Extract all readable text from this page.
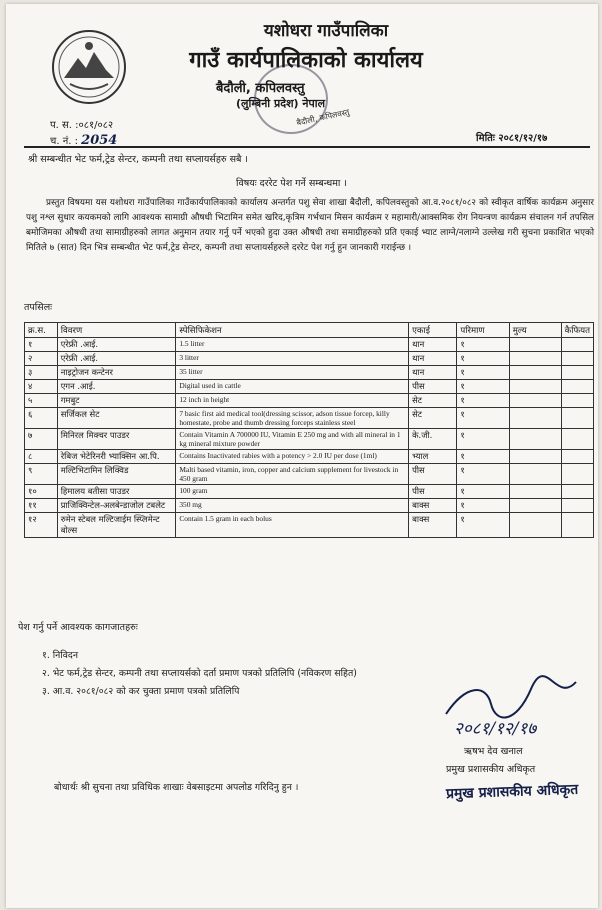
यशोधरा गाउँपालिका
गाउँ कार्यपालिकाको कार्यालय
बैदौली, कपिलवस्तु
(लुम्बिनी प्रदेश) नेपाल
बैदौली, कपिलवस्तु
प. स. :०८१/०८२
च. नं. : 2054	मितिः २०८१/१२/१७
श्री सम्बन्धीत भेट फर्म,ट्रेड सेन्टर, कम्पनी तथा सप्लायर्सहरु सबै ।
विषयः दररेट पेश गर्ने सम्बन्धमा ।
प्रस्तुत विषयमा यस यशोधरा गाउँपालिका गाउँकार्यपालिकाको कार्यालय अन्तर्गत पशु सेवा शाखा बैदौली, कपिलवस्तुको आ.व.२०८१/०८२ को स्वीकृत वार्षिक कार्यक्रम अनुसार पशु नश्ल सुधार कयकमको लागि आवश्यक सामाग्री औषधी भिटामिन समेत खरिद,कृत्रिम गर्भधान मिसन कार्यक्रम र महामारी/आक्समिक रोग नियन्त्रण कार्यक्रम संचालन गर्न तपसिल बमोजिमका औषधी तथा सामाग्रीहरुको लागत अनुमान तयार गर्नु पर्ने भएको हुदा उक्त औषधी तथा समाग्रीहरुको प्रति एकाई भ्याट लाग्ने/नलाग्ने उल्लेख गरी सुचना प्रकाशित भएको मितिले ७ (सात) दिन भित्र सम्बन्धीत भेट फर्म,ट्रेड सेन्टर, कम्पनी तथा सप्लायर्सहरुले दररेट पेश गर्नु हुन जानकारी गराईन्छ ।
तपसिलः
क्र.स.	विवरण	स्पेसिफिकेशन	एकाई	परिमाण	मुल्य	कैफियत
१	एरेफ्री .आई.	1.5 litter	थान	१		
२	एरेफ्री .आई.	3 litter	थान	१		
३	नाइट्रोजन कन्टेनर	35 litter	थान	१		
४	एगन .आई.	Digital used in cattle	पीस	१		
५	गमबुट	12 inch in height	सेट	१		
६	सर्जिकल सेट	7 basic first aid medical tool(dressing scissor, adson tissue forcep, killy homestate, probe and thumb dressing forceps stainless steel	सेट	१		
७	मिनिरल मिक्चर पाउडर	Contain Vitamin A 700000 IU, Vitamin E 250 mg and with all mineral in 1 kg mineral mixture powder	के.जी.	१		
८	रेबिज भेटेरिनरी भ्याक्सिन आ.पि.	Contains Inactivated rabies with a potency > 2.0 IU per dose (1ml)	भ्याल	१		
९	मल्टिभिटामिन लिक्विड	Malti based vitamin, iron, copper and calcium supplement for livestock in 450 gram	पीस	१		
१०	हिमालय बतीसा पाउडर	100 gram	पीस	१		
११	प्राजिक्विन्टेल-अलबेन्डाजोल टबलेट	350 mg	बाक्स	१		
१२	रुमेन स्टेबल मल्टिजाईम स्प्लिमेन्ट बोल्स	Contain 1.5 gram in each bolus	बाक्स	१		
पेश गर्नु पर्ने आवश्यक कागजातहरुः
१. निविदन
२. भेट फर्म,ट्रेड सेन्टर, कम्पनी तथा सप्लायर्सको दर्ता प्रमाण पत्रको प्रतिलिपि (नविकरण सहित)
३. आ.व. २०८१/०८२ को कर चुक्ता प्रमाण पत्रको प्रतिलिपि
२०८१/१२/१७
ऋषभ देव खनाल
प्रमुख प्रशासकीय अधिकृत
प्रमुख प्रशासकीय अधिकृत
बोधार्थः श्री सुचना तथा प्रविधिक शाखाः वेबसाइटमा अपलोड गरिदिनु हुन ।
